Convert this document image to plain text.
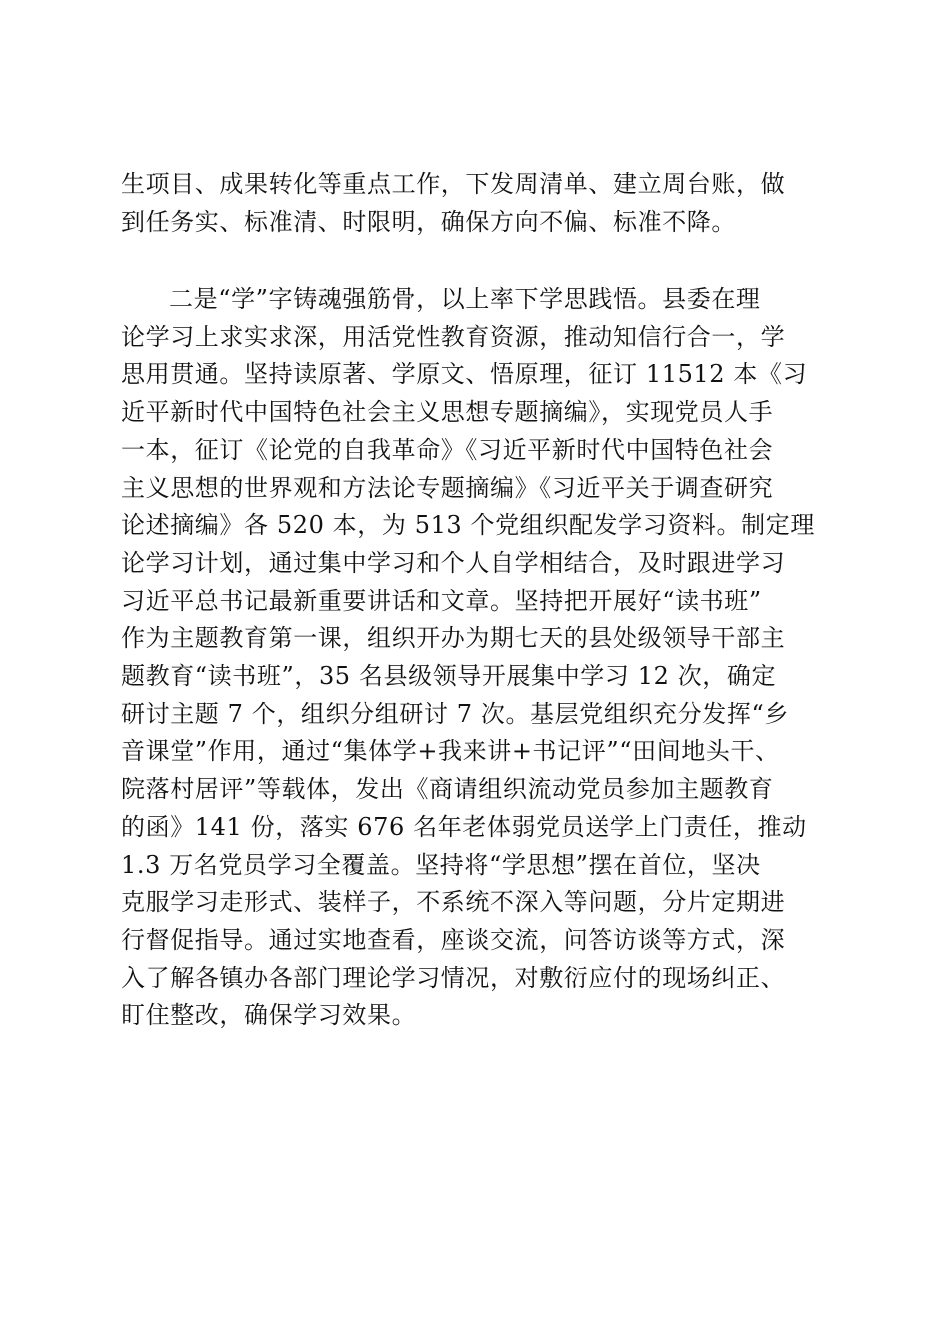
生项目、成果转化等重点工作，下发周清单、建立周台账，做

到任务实、标准清、时限明，确保方向不偏、标准不降。

二是“学”字铸魂强筋骨，以上率下学思践悟。县委在理

论学习上求实求深，用活党性教育资源，推动知信行合一，学

思用贯通。坚持读原著、学原文、悟原理，征订 11512 本《习

近平新时代中国特色社会主义思想专题摘编》，实现党员人手

一本，征订《论党的自我革命》《习近平新时代中国特色社会

主义思想的世界观和方法论专题摘编》《习近平关于调查研究

论述摘编》各 520 本，为 513 个党组织配发学习资料。制定理

论学习计划，通过集中学习和个人自学相结合，及时跟进学习

习近平总书记最新重要讲话和文章。坚持把开展好“读书班”

作为主题教育第一课，组织开办为期七天的县处级领导干部主

题教育“读书班”，35 名县级领导开展集中学习 12 次，确定

研讨主题 7 个，组织分组研讨 7 次。基层党组织充分发挥“乡

音课堂”作用，通过“集体学+我来讲+书记评”“田间地头干、

院落村居评”等载体，发出《商请组织流动党员参加主题教育

的函》141 份，落实 676 名年老体弱党员送学上门责任，推动

1.3 万名党员学习全覆盖。坚持将“学思想”摆在首位，坚决

克服学习走形式、装样子，不系统不深入等问题，分片定期进

行督促指导。通过实地查看，座谈交流，问答访谈等方式，深

入了解各镇办各部门理论学习情况，对敷衍应付的现场纠正、

盯住整改，确保学习效果。
